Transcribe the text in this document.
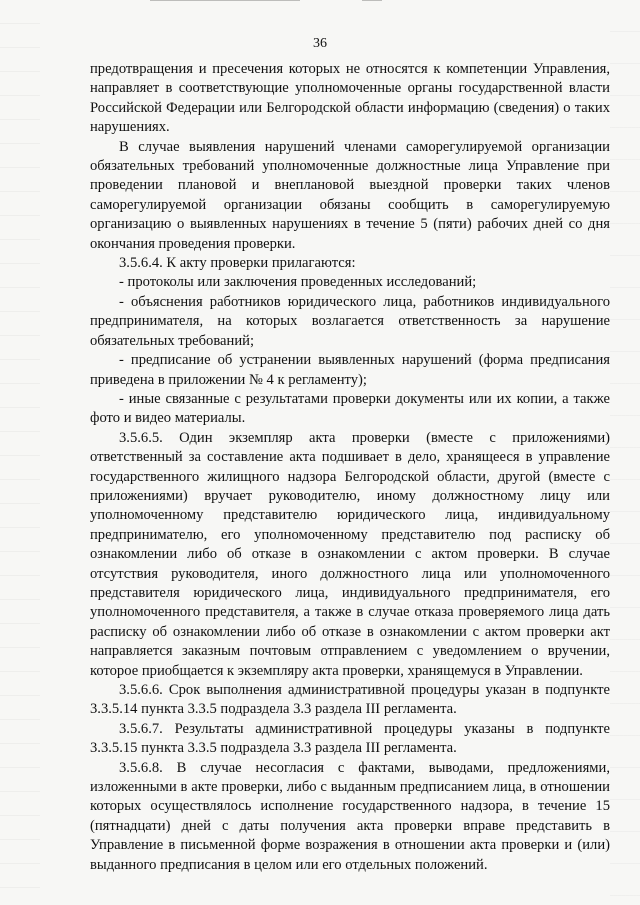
36

предотвращения и пресечения которых не относятся к компетенции Управления, направляет в соответствующие уполномоченные органы государственной власти Российской Федерации или Белгородской области информацию (сведения) о таких нарушениях.

В случае выявления нарушений членами саморегулируемой организации обязательных требований уполномоченные должностные лица Управление при проведении плановой и внеплановой выездной проверки таких членов саморегулируемой организации обязаны сообщить в саморегулируемую организацию о выявленных нарушениях в течение 5 (пяти) рабочих дней со дня окончания проведения проверки.

3.5.6.4. К акту проверки прилагаются:

- протоколы или заключения проведенных исследований;

- объяснения работников юридического лица, работников индивидуального предпринимателя, на которых возлагается ответственность за нарушение обязательных требований;

- предписание об устранении выявленных нарушений (форма предписания приведена в приложении № 4 к регламенту);

- иные связанные с результатами проверки документы или их копии, а также фото и видео материалы.

3.5.6.5. Один экземпляр акта проверки (вместе с приложениями) ответственный за составление акта подшивает в дело, хранящееся в управление государственного жилищного надзора Белгородской области, другой (вместе с приложениями) вручает руководителю, иному должностному лицу или уполномоченному представителю юридического лица, индивидуальному предпринимателю, его уполномоченному представителю под расписку об ознакомлении либо об отказе в ознакомлении с актом проверки. В случае отсутствия руководителя, иного должностного лица или уполномоченного представителя юридического лица, индивидуального предпринимателя, его уполномоченного представителя, а также в случае отказа проверяемого лица дать расписку об ознакомлении либо об отказе в ознакомлении с актом проверки акт направляется заказным почтовым отправлением с уведомлением о вручении, которое приобщается к экземпляру акта проверки, хранящемуся в Управлении.

3.5.6.6. Срок выполнения административной процедуры указан в подпункте 3.3.5.14 пункта 3.3.5 подраздела 3.3 раздела III регламента.

3.5.6.7. Результаты административной процедуры указаны в подпункте 3.3.5.15 пункта 3.3.5 подраздела 3.3 раздела III регламента.

3.5.6.8. В случае несогласия с фактами, выводами, предложениями, изложенными в акте проверки, либо с выданным предписанием лица, в отношении которых осуществлялось исполнение государственного надзора, в течение 15 (пятнадцати) дней с даты получения акта проверки вправе представить в Управление в письменной форме возражения в отношении акта проверки и (или) выданного предписания в целом или его отдельных положений.
